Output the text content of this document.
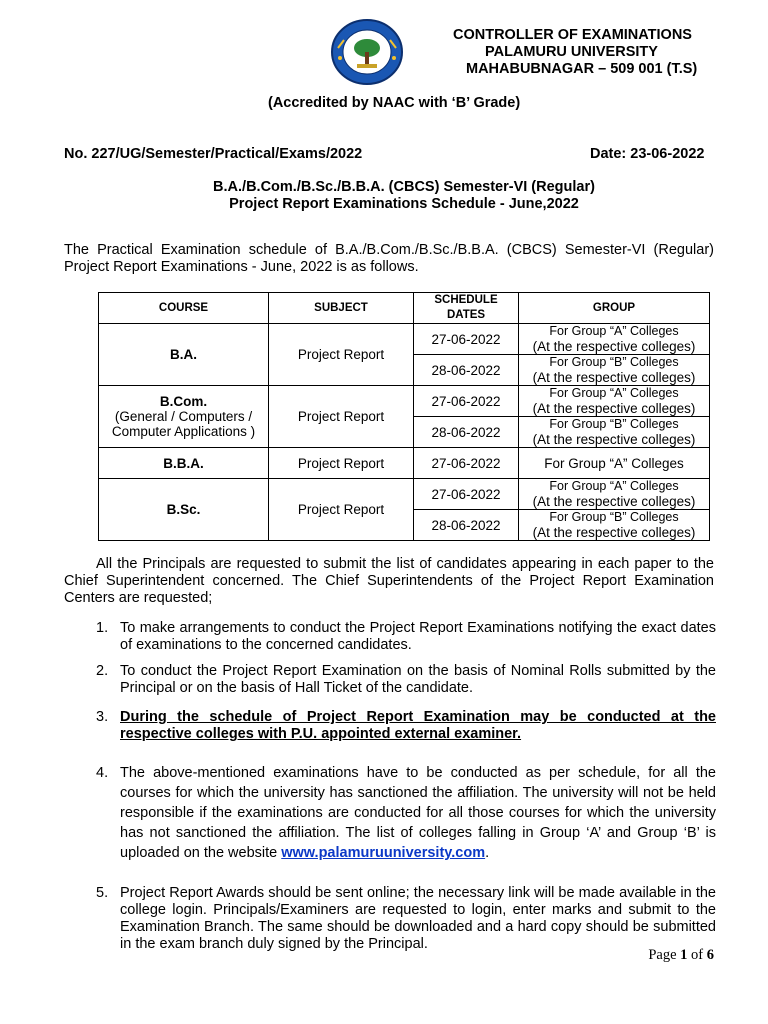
CONTROLLER OF EXAMINATIONS
PALAMURU UNIVERSITY
MAHABUBNAGAR – 509 001 (T.S)
(Accredited by NAAC with ‘B’ Grade)
No. 227/UG/Semester/Practical/Exams/2022	Date: 23-06-2022
B.A./B.Com./B.Sc./B.B.A. (CBCS) Semester-VI (Regular)
Project Report Examinations Schedule - June,2022
The Practical Examination schedule of B.A./B.Com./B.Sc./B.B.A. (CBCS) Semester-VI (Regular) Project Report Examinations - June, 2022 is as follows.
COURSE	SUBJECT	SCHEDULE DATES	GROUP
B.A.	Project Report	27-06-2022	For Group “A” Colleges
(At the respective colleges)

		28-06-2022	For Group “B” Colleges
(At the respective colleges)

B.Com.
(General / Computers /
Computer Applications )	Project Report	27-06-2022	For Group “A” Colleges
(At the respective colleges)

		28-06-2022	For Group “B” Colleges
(At the respective colleges)

B.B.A.	Project Report	27-06-2022	For Group “A” Colleges

B.Sc.	Project Report	27-06-2022	For Group “A” Colleges
(At the respective colleges)

		28-06-2022	For Group “B” Colleges
(At the respective colleges)
All the Principals are requested to submit the list of candidates appearing in each paper to the Chief Superintendent concerned. The Chief Superintendents of the Project Report Examination Centers are requested;
1. To make arrangements to conduct the Project Report Examinations notifying the exact dates of examinations to the concerned candidates.
2. To conduct the Project Report Examination on the basis of Nominal Rolls submitted by the Principal or on the basis of Hall Ticket of the candidate.
3. During the schedule of Project Report Examination may be conducted at the respective colleges with P.U. appointed external examiner.
4. The above-mentioned examinations have to be conducted as per schedule, for all the courses for which the university has sanctioned the affiliation. The university will not be held responsible if the examinations are conducted for all those courses for which the university has not sanctioned the affiliation. The list of colleges falling in Group ‘A’ and Group ‘B’ is uploaded on the website www.palamuruuniversity.com.
5. Project Report Awards should be sent online; the necessary link will be made available in the college login. Principals/Examiners are requested to login, enter marks and submit to the Examination Branch. The same should be downloaded and a hard copy should be submitted in the exam branch duly signed by the Principal.
Page 1 of 6
